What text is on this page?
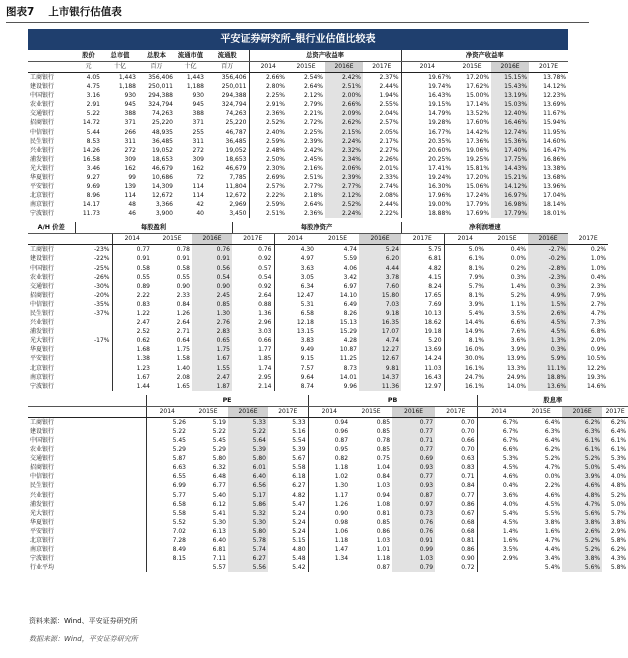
图表7 上市银行估值表
平安证券研究所–银行业估值比较表
	股价	总市值	总股本	流通市值	流通股	总资产收益率				净资产收益率			
	元	十亿	百万	十亿	百万	2014	2015E	2016E	2017E	2014	2015E	2016E	2017E
工商银行	4.05	1,443	356,406	1,443	356,406	2.66%	2.54%	2.42%	2.37%	19.67%	17.20%	15.15%	13.78%
建设银行	4.75	1,188	250,011	1,188	250,011	2.80%	2.64%	2.51%	2.44%	19.74%	17.62%	15.43%	14.12%
中国银行	3.16	930	294,388	930	294,388	2.25%	2.12%	2.00%	1.94%	16.43%	15.00%	13.19%	12.23%
农业银行	2.91	945	324,794	945	324,794	2.91%	2.79%	2.66%	2.55%	19.15%	17.14%	15.03%	13.69%
交通银行	5.22	388	74,263	388	74,263	2.36%	2.21%	2.09%	2.04%	14.79%	13.52%	12.40%	11.67%
招商银行	14.72	371	25,220	371	25,220	2.52%	2.72%	2.62%	2.57%	19.28%	17.60%	16.46%	15.94%
中信银行	5.44	266	48,935	255	46,787	2.40%	2.25%	2.15%	2.05%	16.77%	14.42%	12.74%	11.95%
民生银行	8.53	311	36,485	311	36,485	2.59%	2.39%	2.24%	2.17%	20.35%	17.36%	15.36%	14.60%
兴业银行	14.26	272	19,052	272	19,052	2.48%	2.42%	2.32%	2.27%	20.60%	19.06%	17.40%	16.47%
浦发银行	16.58	309	18,653	309	18,653	2.50%	2.45%	2.34%	2.26%	20.25%	19.25%	17.75%	16.86%
光大银行	3.46	162	46,679	162	46,679	2.30%	2.16%	2.06%	2.01%	17.41%	15.81%	14.43%	13.38%
华夏银行	9.27	99	10,686	72	7,785	2.69%	2.51%	2.39%	2.33%	19.24%	17.20%	15.21%	13.68%
平安银行	9.69	139	14,309	114	11,804	2.57%	2.77%	2.77%	2.74%	16.30%	15.06%	14.12%	13.96%
北京银行	8.96	114	12,672	114	12,672	2.22%	2.18%	2.12%	2.08%	17.96%	17.24%	16.97%	17.04%
南京银行	14.17	48	3,366	42	2,969	2.59%	2.64%	2.52%	2.44%	19.00%	17.79%	16.98%	18.14%
宁波银行	11.73	46	3,900	40	3,450	2.51%	2.36%	2.24%	2.22%	18.88%	17.69%	17.79%	18.01%
A/H 价差	每股盈利				每股净资产				净利润增速				
		2014	2015E	2016E	2017E	2014	2015E	2016E	2017E	2014	2015E	2016E	2017E
工商银行	-23%	0.77	0.78	0.76	0.76	4.30	4.74	5.24	5.75	5.0%	0.4%	-2.7%	0.2%
建设银行	-22%	0.91	0.91	0.91	0.92	4.97	5.59	6.20	6.81	6.1%	0.0%	-0.2%	1.0%
中国银行	-25%	0.58	0.58	0.56	0.57	3.63	4.06	4.44	4.82	8.1%	0.2%	-2.8%	1.0%
农业银行	-26%	0.55	0.55	0.54	0.54	3.05	3.42	3.78	4.15	7.9%	0.3%	-2.3%	0.4%
交通银行	-30%	0.89	0.90	0.90	0.92	6.34	6.97	7.60	8.24	5.7%	1.4%	0.3%	2.3%
招商银行	-20%	2.22	2.33	2.45	2.64	12.47	14.10	15.80	17.65	8.1%	5.2%	4.9%	7.9%
中信银行	-35%	0.83	0.84	0.85	0.88	5.31	6.49	7.03	7.69	3.9%	1.1%	1.5%	2.7%
民生银行	-37%	1.22	1.26	1.30	1.36	6.58	8.26	9.18	10.13	5.4%	3.5%	2.6%	4.7%
兴业银行		2.47	2.64	2.76	2.96	12.18	15.13	16.35	18.62	14.4%	6.6%	4.5%	7.3%
浦发银行		2.52	2.71	2.83	3.03	13.15	15.29	17.07	19.18	14.9%	7.6%	4.5%	6.8%
光大银行	-17%	0.62	0.64	0.65	0.66	3.83	4.28	4.74	5.20	8.1%	3.6%	1.3%	2.0%
华夏银行		1.68	1.75	1.75	1.77	9.49	10.87	12.27	13.69	16.0%	3.9%	0.3%	0.9%
平安银行		1.38	1.58	1.67	1.85	9.15	11.25	12.67	14.24	30.0%	13.9%	5.9%	10.5%
北京银行		1.23	1.40	1.55	1.74	7.57	8.73	9.81	11.03	16.1%	13.3%	11.1%	12.2%
南京银行		1.67	2.08	2.47	2.95	9.64	14.01	14.37	16.43	24.7%	24.9%	18.8%	19.3%
宁波银行		1.44	1.65	1.87	2.14	8.74	9.96	11.36	12.97	16.1%	14.0%	13.6%	14.6%
	PE				PB				股息率			
	2014	2015E	2016E	2017E	2014	2015E	2016E	2017E	2014	2015E	2016E	2017E
工商银行	5.26	5.19	5.33	5.33	0.94	0.85	0.77	0.70	6.7%	6.4%	6.2%	6.2%
建设银行	5.22	5.22	5.22	5.16	0.96	0.85	0.77	0.70	6.7%	6.3%	6.3%	6.4%
中国银行	5.45	5.45	5.64	5.54	0.87	0.78	0.71	0.66	6.7%	6.4%	6.1%	6.1%
农业银行	5.29	5.29	5.39	5.39	0.95	0.85	0.77	0.70	6.6%	6.2%	6.1%	6.1%
交通银行	5.87	5.80	5.80	5.67	0.82	0.75	0.69	0.63	5.3%	5.2%	5.2%	5.3%
招商银行	6.63	6.32	6.01	5.58	1.18	1.04	0.93	0.83	4.5%	4.7%	5.0%	5.4%
中信银行	6.55	6.48	6.40	6.18	1.02	0.84	0.77	0.71	4.6%	0.0%	3.9%	4.0%
民生银行	6.99	6.77	6.56	6.27	1.30	1.03	0.93	0.84	0.4%	2.2%	4.6%	4.8%
兴业银行	5.77	5.40	5.17	4.82	1.17	0.94	0.87	0.77	3.6%	4.6%	4.8%	5.2%
浦发银行	6.58	6.12	5.86	5.47	1.26	1.08	0.97	0.86	4.0%	4.5%	4.7%	5.0%
光大银行	5.58	5.41	5.32	5.24	0.90	0.81	0.73	0.67	5.4%	5.5%	5.6%	5.7%
华夏银行	5.52	5.30	5.30	5.24	0.98	0.85	0.76	0.68	4.5%	3.8%	3.8%	3.8%
平安银行	7.02	6.13	5.80	5.24	1.06	0.86	0.76	0.68	1.4%	1.6%	2.6%	2.9%
北京银行	7.28	6.40	5.78	5.15	1.18	1.03	0.91	0.81	1.6%	4.7%	5.2%	5.8%
南京银行	8.49	6.81	5.74	4.80	1.47	1.01	0.99	0.86	3.5%	4.4%	5.2%	6.2%
宁波银行	8.15	7.11	6.27	5.48	1.34	1.18	1.03	0.90	2.9%	3.4%	3.8%	4.3%
行业平均		5.57	5.56	5.42		0.87	0.79	0.72		5.4%	5.6%	5.8%
资料来源：Wind、平安证券研究所
数据来源：Wind，平安证券研究所
